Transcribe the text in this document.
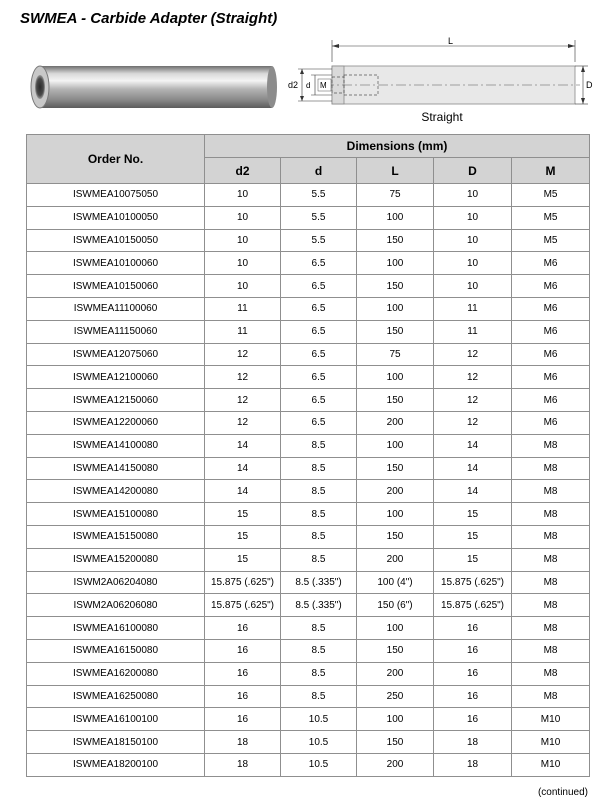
SWMEA - Carbide Adapter (Straight)
L
D
d2 d M
Straight
Order No.	Dimensions (mm)				
	d2	d	L	D	M
ISWMEA10075050	10	5.5	75	10	M5
ISWMEA10100050	10	5.5	100	10	M5
ISWMEA10150050	10	5.5	150	10	M5
ISWMEA10100060	10	6.5	100	10	M6
ISWMEA10150060	10	6.5	150	10	M6
ISWMEA11100060	11	6.5	100	11	M6
ISWMEA11150060	11	6.5	150	11	M6
ISWMEA12075060	12	6.5	75	12	M6
ISWMEA12100060	12	6.5	100	12	M6
ISWMEA12150060	12	6.5	150	12	M6
ISWMEA12200060	12	6.5	200	12	M6
ISWMEA14100080	14	8.5	100	14	M8
ISWMEA14150080	14	8.5	150	14	M8
ISWMEA14200080	14	8.5	200	14	M8
ISWMEA15100080	15	8.5	100	15	M8
ISWMEA15150080	15	8.5	150	15	M8
ISWMEA15200080	15	8.5	200	15	M8
ISWM2A06204080	15.875 (.625")	8.5 (.335")	100 (4")	15.875 (.625")	M8
ISWM2A06206080	15.875 (.625")	8.5 (.335")	150 (6")	15.875 (.625")	M8
ISWMEA16100080	16	8.5	100	16	M8
ISWMEA16150080	16	8.5	150	16	M8
ISWMEA16200080	16	8.5	200	16	M8
ISWMEA16250080	16	8.5	250	16	M8
ISWMEA16100100	16	10.5	100	16	M10
ISWMEA18150100	18	10.5	150	18	M10
ISWMEA18200100	18	10.5	200	18	M10
(continued)
